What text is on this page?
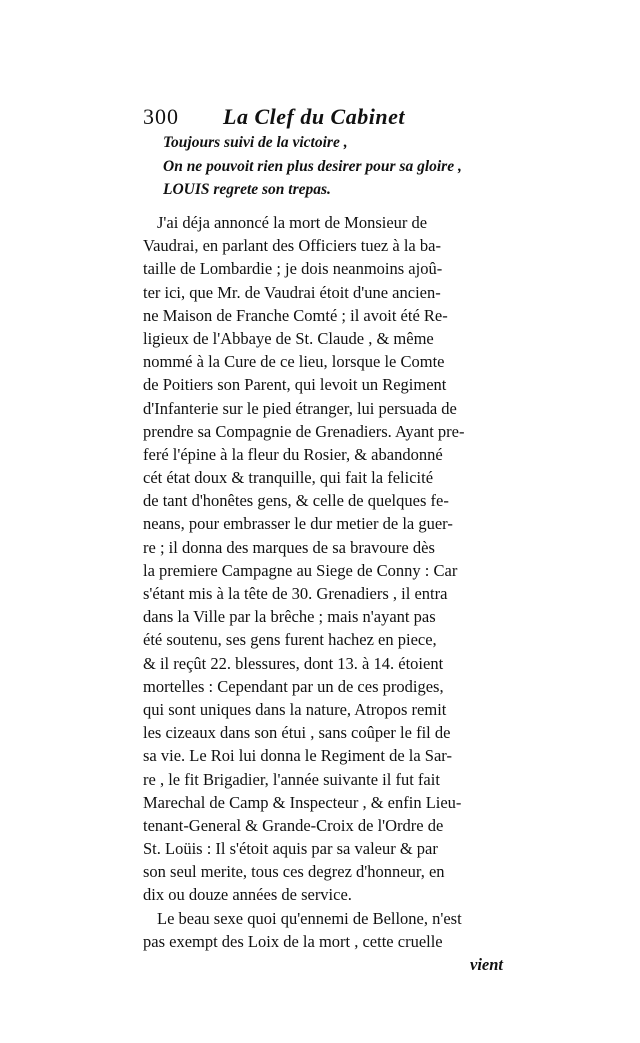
300 La Clef du Cabinet
Toujours suivi de la victoire ,
On ne pouvoit rien plus desirer pour sa gloire ,
LOUIS regrete son trepas.
J'ai déja annoncé la mort de Monsieur de
Vaudrai, en parlant des Officiers tuez à la ba-
taille de Lombardie ; je dois neanmoins ajoû-
ter ici, que Mr. de Vaudrai étoit d'une ancien-
ne Maison de Franche Comté ; il avoit été Re-
ligieux de l'Abbaye de St. Claude , & même
nommé à la Cure de ce lieu, lorsque le Comte
de Poitiers son Parent, qui levoit un Regiment
d'Infanterie sur le pied étranger, lui persuada de
prendre sa Compagnie de Grenadiers. Ayant pre-
feré l'épine à la fleur du Rosier, & abandonné
cét état doux & tranquille, qui fait la felicité
de tant d'honêtes gens, & celle de quelques fe-
neans, pour embrasser le dur metier de la guer-
re ; il donna des marques de sa bravoure dès
la premiere Campagne au Siege de Conny : Car
s'étant mis à la tête de 30. Grenadiers , il entra
dans la Ville par la brêche ; mais n'ayant pas
été soutenu, ses gens furent hachez en piece,
& il reçût 22. blessures, dont 13. à 14. étoient
mortelles : Cependant par un de ces prodiges,
qui sont uniques dans la nature, Atropos remit
les cizeaux dans son étui , sans coûper le fil de
sa vie. Le Roi lui donna le Regiment de la Sar-
re , le fit Brigadier, l'année suivante il fut fait
Marechal de Camp & Inspecteur , & enfin Lieu-
tenant-General & Grande-Croix de l'Ordre de
St. Loüis : Il s'étoit aquis par sa valeur & par
son seul merite, tous ces degrez d'honneur, en
dix ou douze années de service.
Le beau sexe quoi qu'ennemi de Bellone, n'est
pas exempt des Loix de la mort , cette cruelle
vient
